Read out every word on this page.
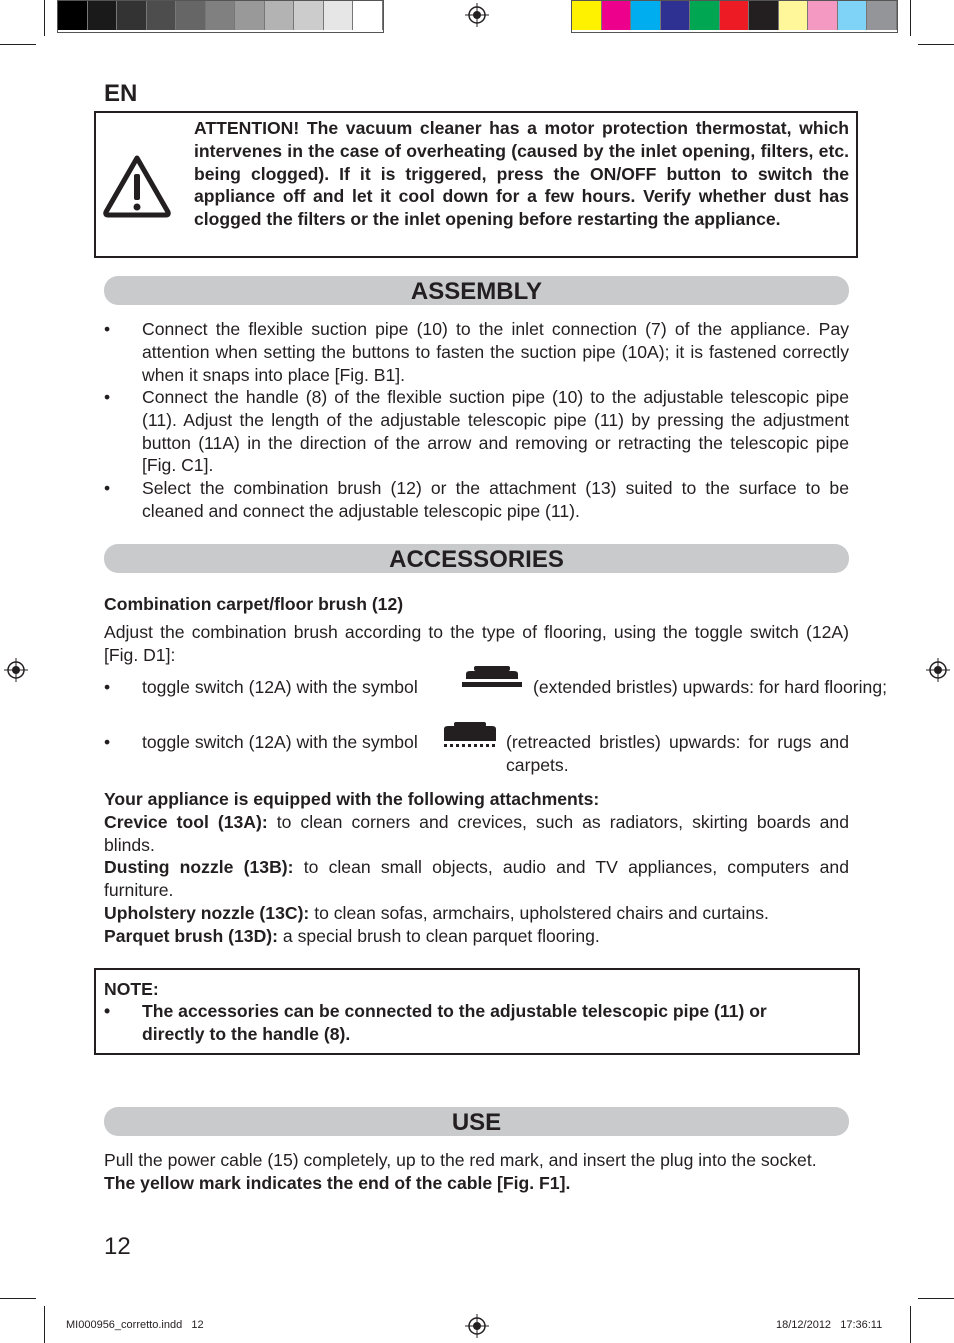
EN
ATTENTION! The vacuum cleaner has a motor protection thermostat, which intervenes in the case of overheating (caused by the inlet opening, filters, etc. being clogged). If it is triggered, press the ON/OFF button to switch the appliance off and let it cool down for a few hours. Verify whether dust has clogged the filters or the inlet opening before restarting the appliance.
ASSEMBLY
• Connect the flexible suction pipe (10) to the inlet connection (7) of the appliance. Pay attention when setting the buttons to fasten the suction pipe (10A); it is fastened correctly when it snaps into place [Fig. B1].
• Connect the handle (8) of the flexible suction pipe (10) to the adjustable telescopic pipe (11). Adjust the length of the adjustable telescopic pipe (11) by pressing the adjustment button (11A) in the direction of the arrow and removing or retracting the telescopic pipe [Fig. C1].
• Select the combination brush (12) or the attachment (13) suited to the surface to be cleaned and connect the adjustable telescopic pipe (11).
ACCESSORIES
Combination carpet/floor brush (12)
Adjust the combination brush according to the type of flooring, using the toggle switch (12A) [Fig. D1]:
• toggle switch (12A) with the symbol	(extended bristles) upwards: for hard flooring;
• toggle switch (12A) with the symbol	(retreacted bristles) upwards: for rugs and carpets.
Your appliance is equipped with the following attachments:
Crevice tool (13A): to clean corners and crevices, such as radiators, skirting boards and blinds.
Dusting nozzle (13B): to clean small objects, audio and TV appliances, computers and furniture.
Upholstery nozzle (13C): to clean sofas, armchairs, upholstered chairs and curtains.
Parquet brush (13D): a special brush to clean parquet flooring.
NOTE:
• The accessories can be connected to the adjustable telescopic pipe (11) or directly to the handle (8).
USE
Pull the power cable (15) completely, up to the red mark, and insert the plug into the socket.
The yellow mark indicates the end of the cable [Fig. F1].
12
MI000956_corretto.indd   12	18/12/2012   17:36:11
